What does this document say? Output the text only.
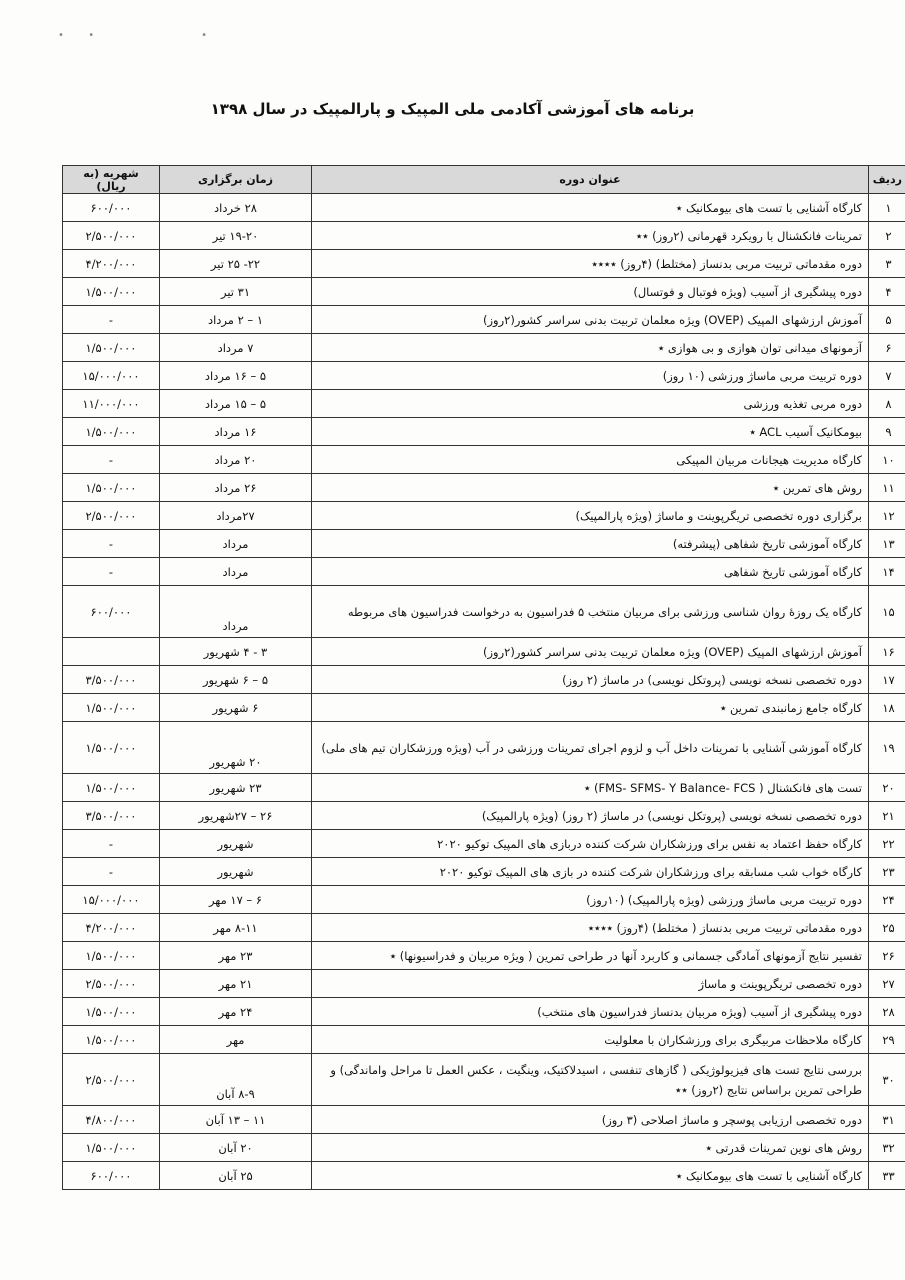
•  •           •
برنامه های آموزشی آکادمی ملی المپیک و پارالمپیک در سال ۱۳۹۸
ردیف	عنوان دوره	زمان برگزاری	شهریه (به ریال)
۱	کارگاه آشنایی با تست های بیومکانیک ٭	۲۸ خرداد	۶۰۰/۰۰۰
۲	تمرینات فانکشنال با رویکرد قهرمانی (۲روز) ٭٭	۱۹-۲۰ تیر	۲/۵۰۰/۰۰۰
۳	دوره مقدماتی تربیت مربی بدنساز (مختلط) (۴روز) ٭٭٭٭	۲۲- ۲۵ تیر	۴/۲۰۰/۰۰۰
۴	دوره پیشگیری از آسیب (ویژه فوتبال و فوتسال)	۳۱ تیر	۱/۵۰۰/۰۰۰
۵	آموزش ارزشهای المپیک (OVEP) ویژه معلمان تربیت بدنی سراسر کشور(۲روز)	۱ – ۲ مرداد	-
۶	آزمونهای میدانی توان هوازی و بی هوازی ٭	۷ مرداد	۱/۵۰۰/۰۰۰
۷	دوره تربیت مربی ماساژ ورزشی (۱۰ روز)	۵ – ۱۶ مرداد	۱۵/۰۰۰/۰۰۰
۸	دوره مربی تغذیه ورزشی	۵ – ۱۵ مرداد	۱۱/۰۰۰/۰۰۰
۹	بیومکانیک آسیب ACL ٭	۱۶ مرداد	۱/۵۰۰/۰۰۰
۱۰	کارگاه مدیریت هیجانات مربیان المپیکی	۲۰ مرداد	-
۱۱	روش های تمرین ٭	۲۶ مرداد	۱/۵۰۰/۰۰۰
۱۲	برگزاری دوره تخصصی تریگرپوینت و ماساژ (ویژه پارالمپیک)	۲۷مرداد	۲/۵۰۰/۰۰۰
۱۳	کارگاه آموزشی تاریخ شفاهی (پیشرفته)	مرداد	-
۱۴	کارگاه آموزشی تاریخ شفاهی	مرداد	-
۱۵	کارگاه یک روزهٔ روان شناسی ورزشی برای مربیان منتخب ۵ فدراسیون به درخواست فدراسیون های مربوطه	مرداد	۶۰۰/۰۰۰
۱۶	آموزش ارزشهای المپیک (OVEP) ویژه معلمان تربیت بدنی سراسر کشور(۲روز)	۳ - ۴ شهریور	
۱۷	دوره تخصصی نسخه نویسی (پروتکل نویسی) در ماساژ (۲ روز)	۵ – ۶ شهریور	۳/۵۰۰/۰۰۰
۱۸	کارگاه جامع زمانبندی تمرین ٭	۶ شهریور	۱/۵۰۰/۰۰۰
۱۹	کارگاه آموزشی آشنایی با تمرینات داخل آب و لزوم اجرای تمرینات ورزشی در آب (ویژه ورزشکاران تیم های ملی)	۲۰ شهریور	۱/۵۰۰/۰۰۰
۲۰	تست های فانکشنال ( FMS- SFMS- Y Balance- FCS) ٭	۲۳ شهریور	۱/۵۰۰/۰۰۰
۲۱	دوره تخصصی نسخه نویسی (پروتکل نویسی) در ماساژ (۲ روز) (ویژه پارالمپیک)	۲۶ – ۲۷شهریور	۳/۵۰۰/۰۰۰
۲۲	کارگاه حفظ اعتماد به نفس برای ورزشکاران شرکت کننده دربازی های المپیک توکیو ۲۰۲۰	شهریور	-
۲۳	کارگاه خواب شب مسابقه برای ورزشکاران شرکت کننده در بازی های المپیک توکیو ۲۰۲۰	شهریور	-
۲۴	دوره تربیت مربی ماساژ ورزشی (ویژه پارالمپیک) (۱۰روز)	۶ – ۱۷ مهر	۱۵/۰۰۰/۰۰۰
۲۵	دوره مقدماتی تربیت مربی بدنساز ( مختلط) (۴روز) ٭٭٭٭	۸-۱۱ مهر	۴/۲۰۰/۰۰۰
۲۶	تفسیر نتایج آزمونهای آمادگی جسمانی و کاربرد آنها در طراحی تمرین ( ویژه مربیان و فدراسیونها) ٭	۲۳ مهر	۱/۵۰۰/۰۰۰
۲۷	دوره تخصصی تریگرپوینت و ماساژ	۲۱ مهر	۲/۵۰۰/۰۰۰
۲۸	دوره پیشگیری از آسیب (ویژه مربیان بدنساز فدراسیون های منتخب)	۲۴ مهر	۱/۵۰۰/۰۰۰
۲۹	کارگاه ملاحظات مربیگری برای ورزشکاران با معلولیت	مهر	۱/۵۰۰/۰۰۰
۳۰	بررسی نتایج تست های فیزیولوژیکی ( گازهای تنفسی ، اسیدلاکتیک، وینگیت ، عکس العمل تا مراحل واماندگی) و طراحی تمرین براساس نتایج (۲روز) ٭٭	۸-۹ آبان	۲/۵۰۰/۰۰۰
۳۱	دوره تخصصی ارزیابی پوسچر و ماساژ اصلاحی (۳ روز)	۱۱ – ۱۳ آبان	۴/۸۰۰/۰۰۰
۳۲	روش های نوین تمرینات قدرتی ٭	۲۰ آبان	۱/۵۰۰/۰۰۰
۳۳	کارگاه آشنایی با تست های بیومکانیک ٭	۲۵ آبان	۶۰۰/۰۰۰
